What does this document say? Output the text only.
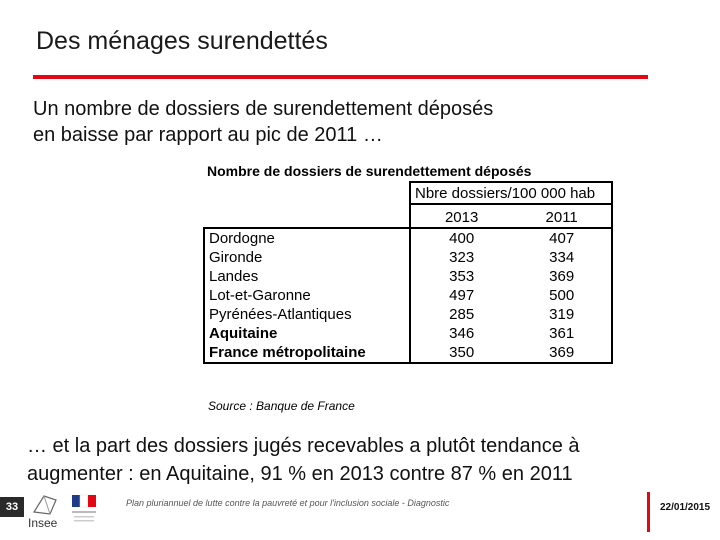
Des ménages surendettés
Un nombre de dossiers de surendettement déposés
en baisse par rapport au pic de 2011 …
Nombre de dossiers de surendettement déposés
	Nbre dossiers/100 000 hab	
	2013	2011
Dordogne	400	407
Gironde	323	334
Landes	353	369
Lot-et-Garonne	497	500
Pyrénées-Atlantiques	285	319
Aquitaine	346	361
France métropolitaine	350	369
Source : Banque de France
… et la part des dossiers jugés recevables a plutôt tendance à
augmenter : en Aquitaine, 91 % en 2013 contre 87 % en 2011
33
Insee
Plan pluriannuel de lutte contre la pauvreté et pour l'inclusion sociale - Diagnostic	22/01/2015
